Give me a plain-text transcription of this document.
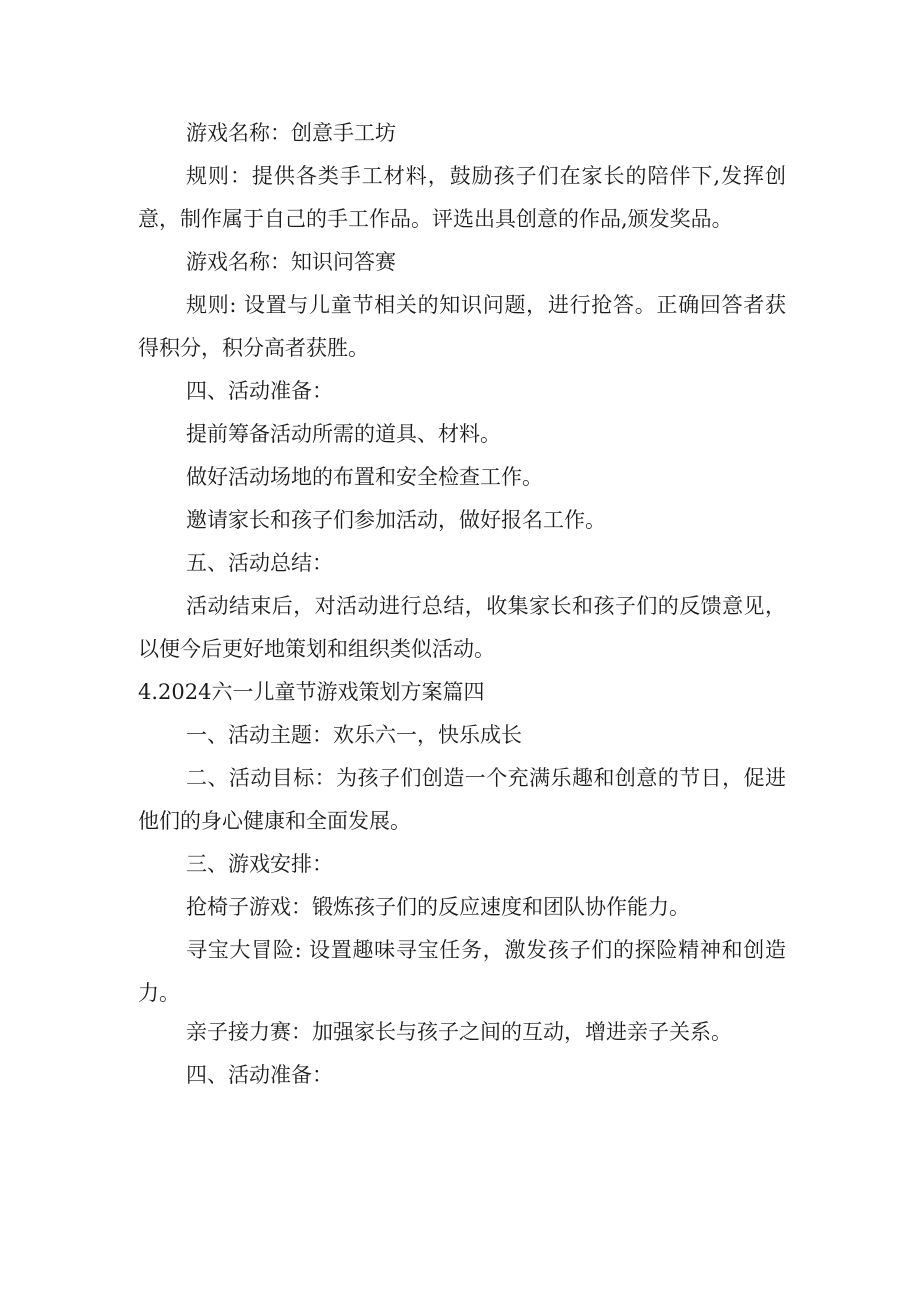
游戏名称：创意手工坊

规则：提供各类手工材料，鼓励孩子们在家长的陪伴下,发挥创意，制作属于自己的手工作品。评选出具创意的作品,颁发奖品。

游戏名称：知识问答赛

规则: 设置与儿童节相关的知识问题，进行抢答。正确回答者获得积分，积分高者获胜。

四、活动准备：

提前筹备活动所需的道具、材料。

做好活动场地的布置和安全检查工作。

邀请家长和孩子们参加活动，做好报名工作。

五、活动总结：

活动结束后，对活动进行总结，收集家长和孩子们的反馈意见，以便今后更好地策划和组织类似活动。

4.2024六一儿童节游戏策划方案篇四

一、活动主题：欢乐六一，快乐成长

二、活动目标：为孩子们创造一个充满乐趣和创意的节日，促进他们的身心健康和全面发展。

三、游戏安排：

抢椅子游戏：锻炼孩子们的反应速度和团队协作能力。

寻宝大冒险: 设置趣味寻宝任务，激发孩子们的探险精神和创造力。

亲子接力赛：加强家长与孩子之间的互动，增进亲子关系。

四、活动准备：
